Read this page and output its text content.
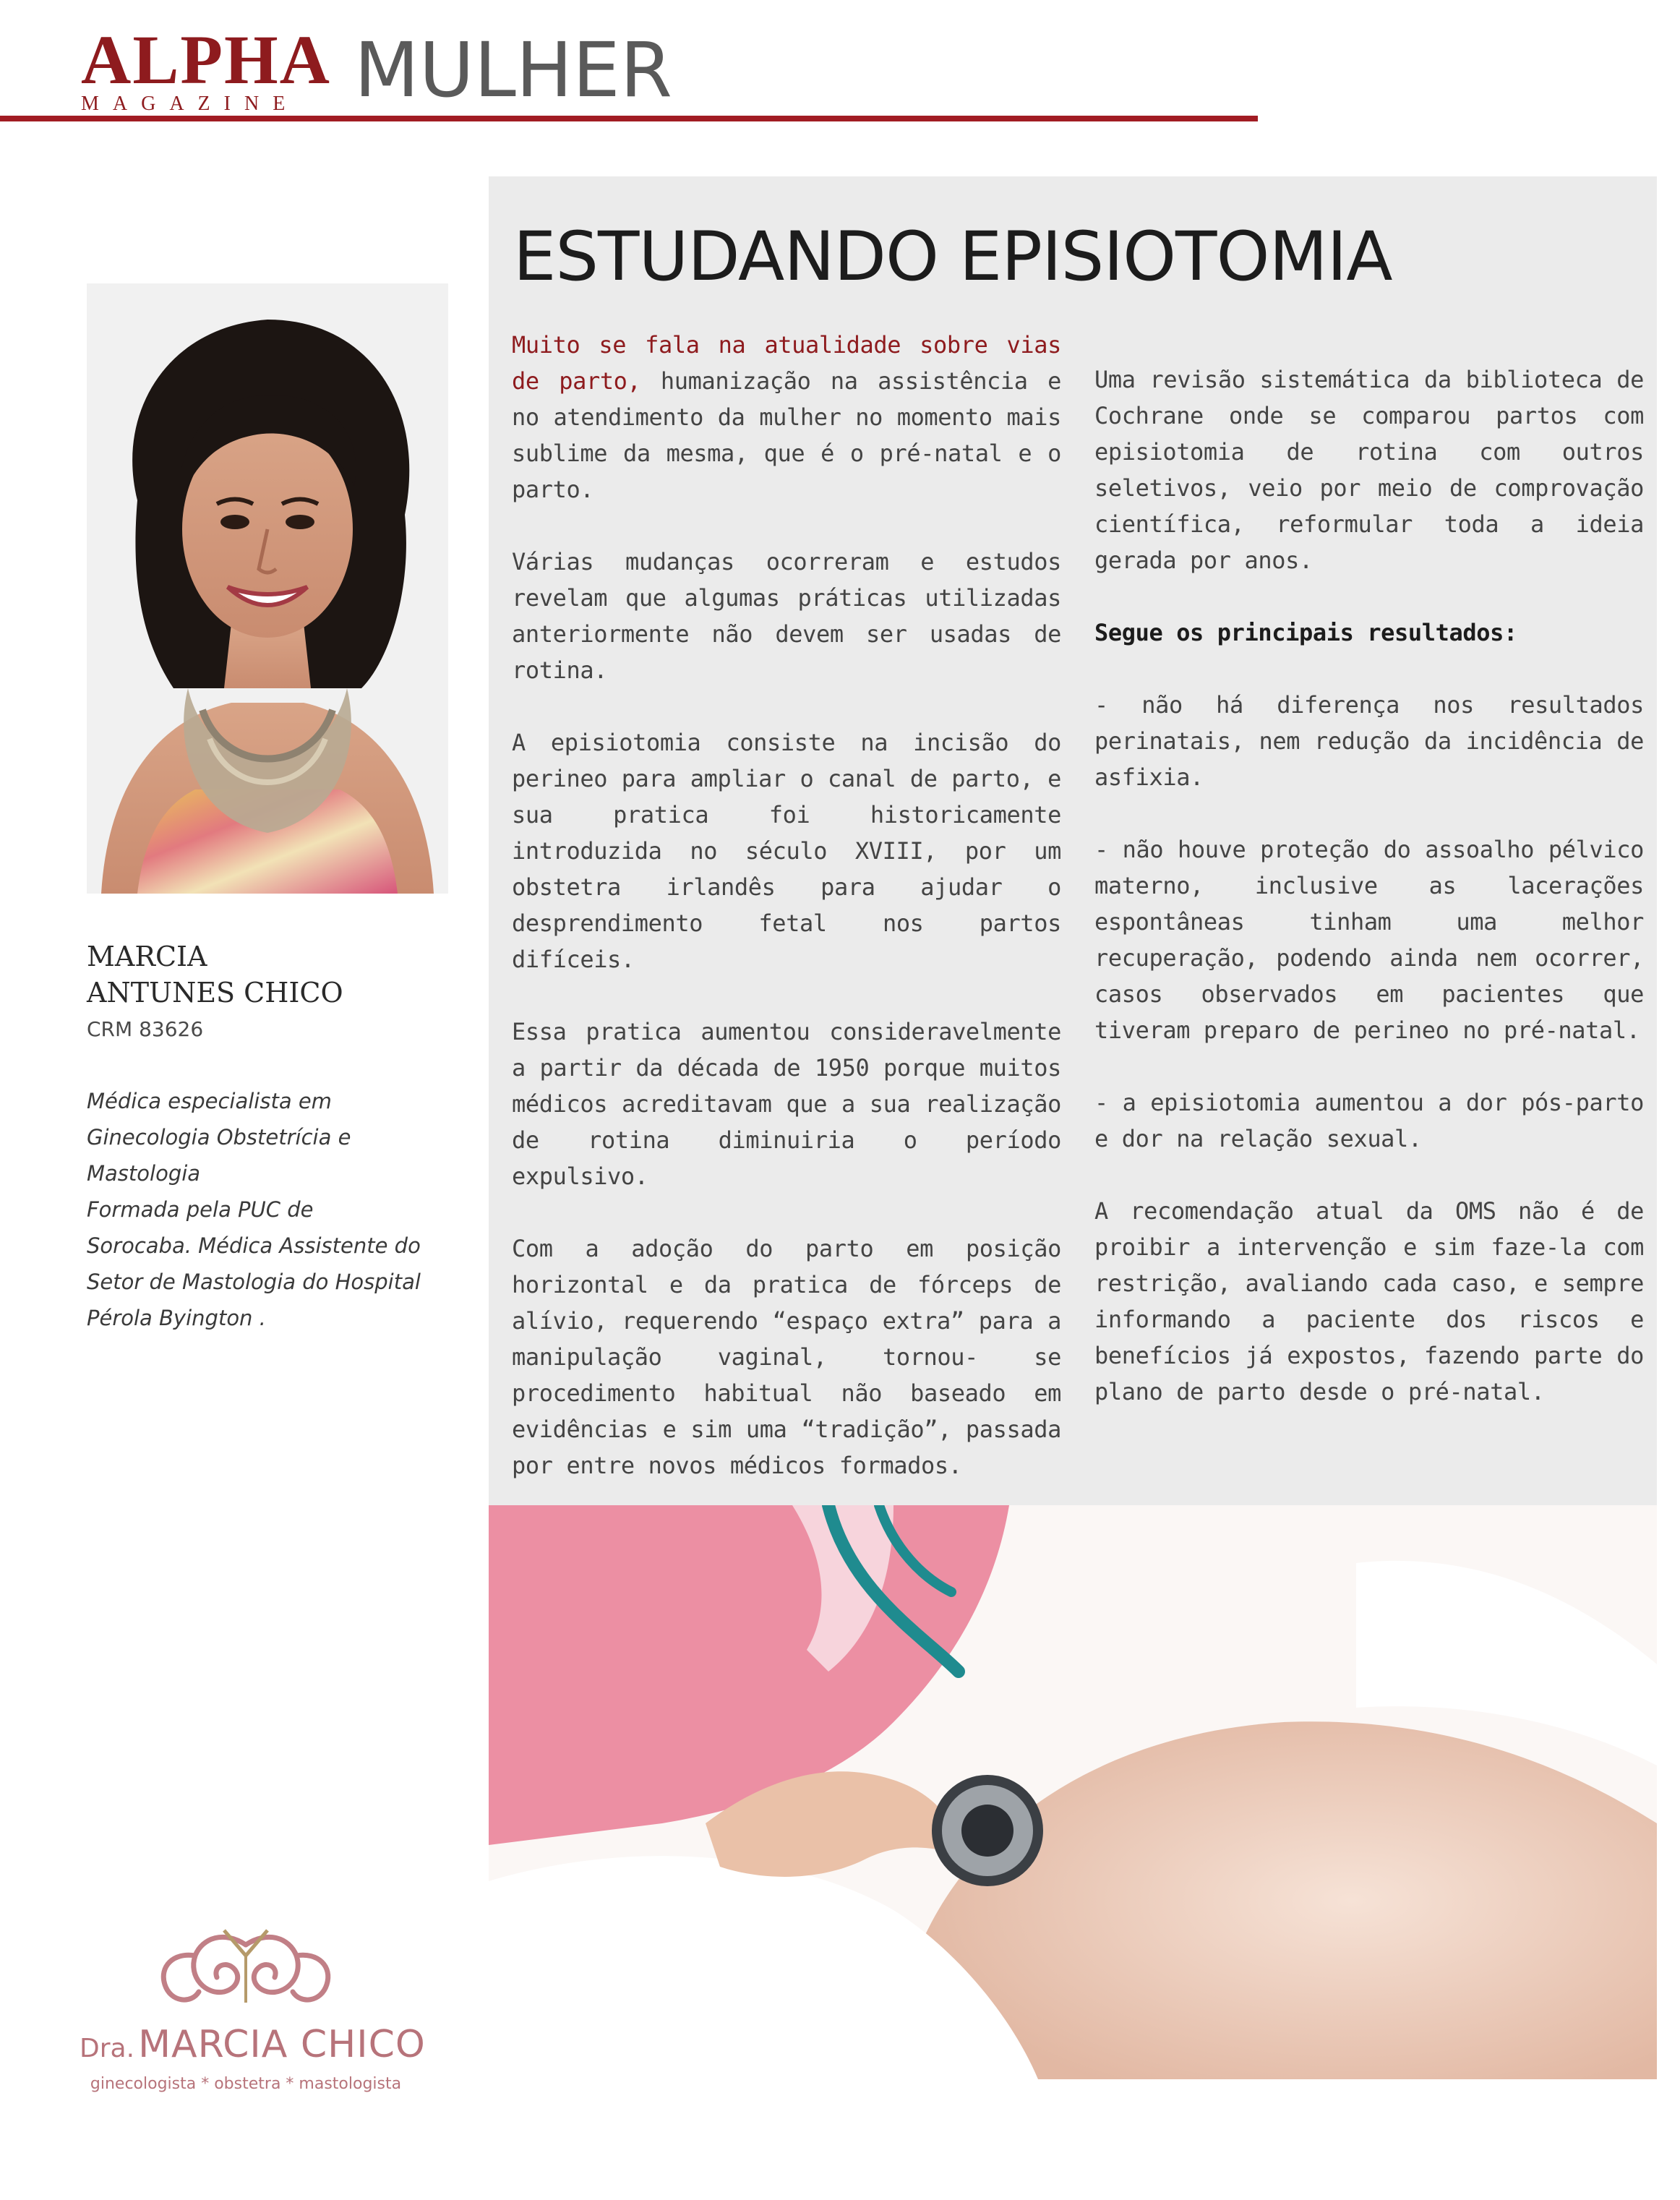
ALPHA
MAGAZINE MULHER
MARCIA
ANTUNES CHICO
CRM 83626

Médica especialista em

Ginecologia Obstetrícia e

Mastologia

Formada pela PUC de

Sorocaba. Médica Assistente do

Setor de Mastologia do Hospital

Pérola Byington .

Dra. MARCIA CHICO
ginecologista * obstetra * mastologista
ESTUDANDO EPISIOTOMIA

Muito se fala na atualidade sobre vias de parto, humanização na assistência e no atendimento da mulher no momento mais sublime da mesma, que é o pré-natal e o parto.

Várias mudanças ocorreram e estudos revelam que algumas práticas utilizadas anteriormente não devem ser usadas de rotina.

A episiotomia consiste na incisão do perineo para ampliar o canal de parto, e sua pratica foi historicamente introduzida no século XVIII, por um obstetra irlandês para ajudar o desprendimento fetal nos partos difíceis.

Essa pratica aumentou consideravelmente a partir da década de 1950 porque muitos médicos acreditavam que a sua realização de rotina diminuiria o período expulsivo.

Com a adoção do parto em posição horizontal e da pratica de fórceps de alívio, requerendo “espaço extra” para a manipulação vaginal, tornou- se procedimento habitual não baseado em evidências e sim uma “tradição”, passada por entre novos médicos formados.

Uma revisão sistemática da biblioteca de Cochrane onde se comparou partos com episiotomia de rotina com outros seletivos, veio por meio de comprovação científica, reformular toda a ideia gerada por anos.

Segue os principais resultados:

- não há diferença nos resultados perinatais, nem redução da incidência de asfixia.

- não houve proteção do assoalho pélvico materno, inclusive as lacerações espontâneas tinham uma melhor recuperação, podendo ainda nem ocorrer, casos observados em pacientes que tiveram preparo de perineo no pré-natal.

- a episiotomia aumentou a dor pós-parto e dor na relação sexual.

A recomendação atual da OMS não é de proibir a intervenção e sim faze-la com restrição, avaliando cada caso, e sempre informando a paciente dos riscos e benefícios já expostos, fazendo parte do plano de parto desde o pré-natal.
